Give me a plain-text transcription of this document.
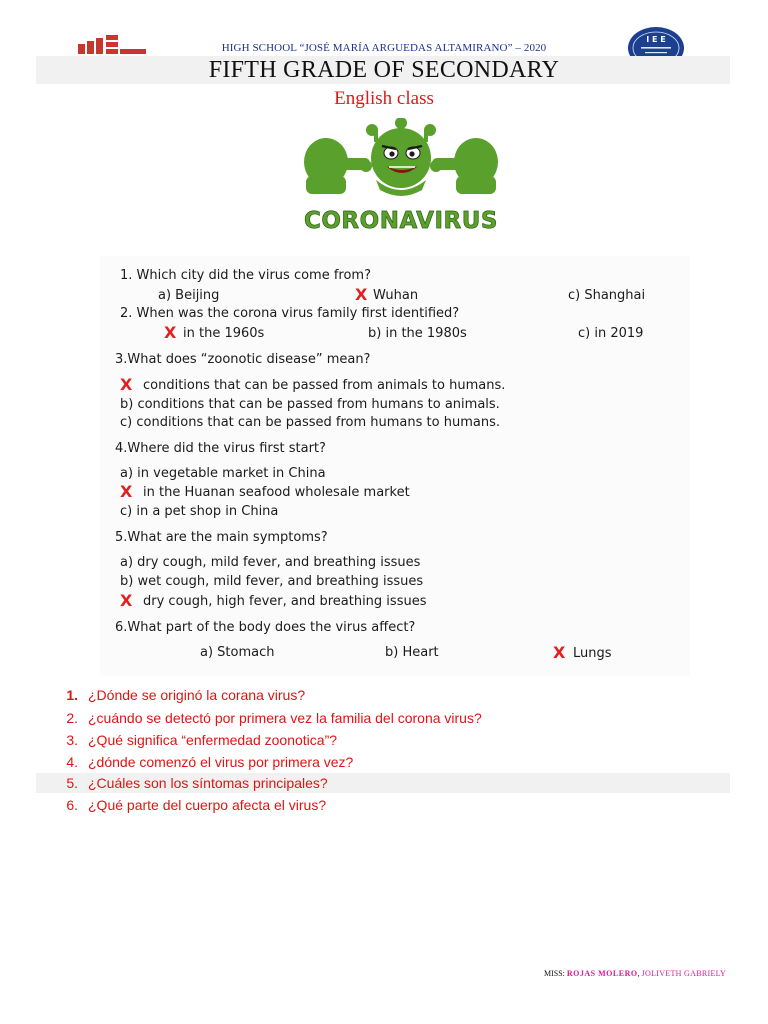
I E E
HIGH SCHOOL “JOSÉ MARÍA ARGUEDAS ALTAMIRANO” – 2020
FIFTH GRADE OF SECONDARY
English class
CORONAVIRUS
1. Which city did the virus come from?
a) Beijing	X Wuhan	c) Shanghai
2. When was the corona virus family first identified?
X in the 1960s	b) in the 1980s	c) in 2019
3.What does “zoonotic disease” mean?
X conditions that can be passed from animals to humans.
b) conditions that can be passed from humans to animals.
c) conditions that can be passed from humans to humans.
4.Where did the virus first start?
a) in vegetable market in China
X in the Huanan seafood wholesale market
c) in a pet shop in China
5.What are the main symptoms?
a) dry cough, mild fever, and breathing issues
b) wet cough, mild fever, and breathing issues
X dry cough, high fever, and breathing issues
6.What part of the body does the virus affect?
a) Stomach	b) Heart	X Lungs
1. ¿Dónde se originó la corana virus?
2. ¿cuándo se detectó por primera vez la familia del corona virus?
3. ¿Qué significa “enfermedad zoonotica”?
4. ¿dónde comenzó el virus por primera vez?
5. ¿Cuáles son los síntomas principales?
6. ¿Qué parte del cuerpo afecta el virus?
MISS: ROJAS MOLERO, JOLIVETH GABRIELY
